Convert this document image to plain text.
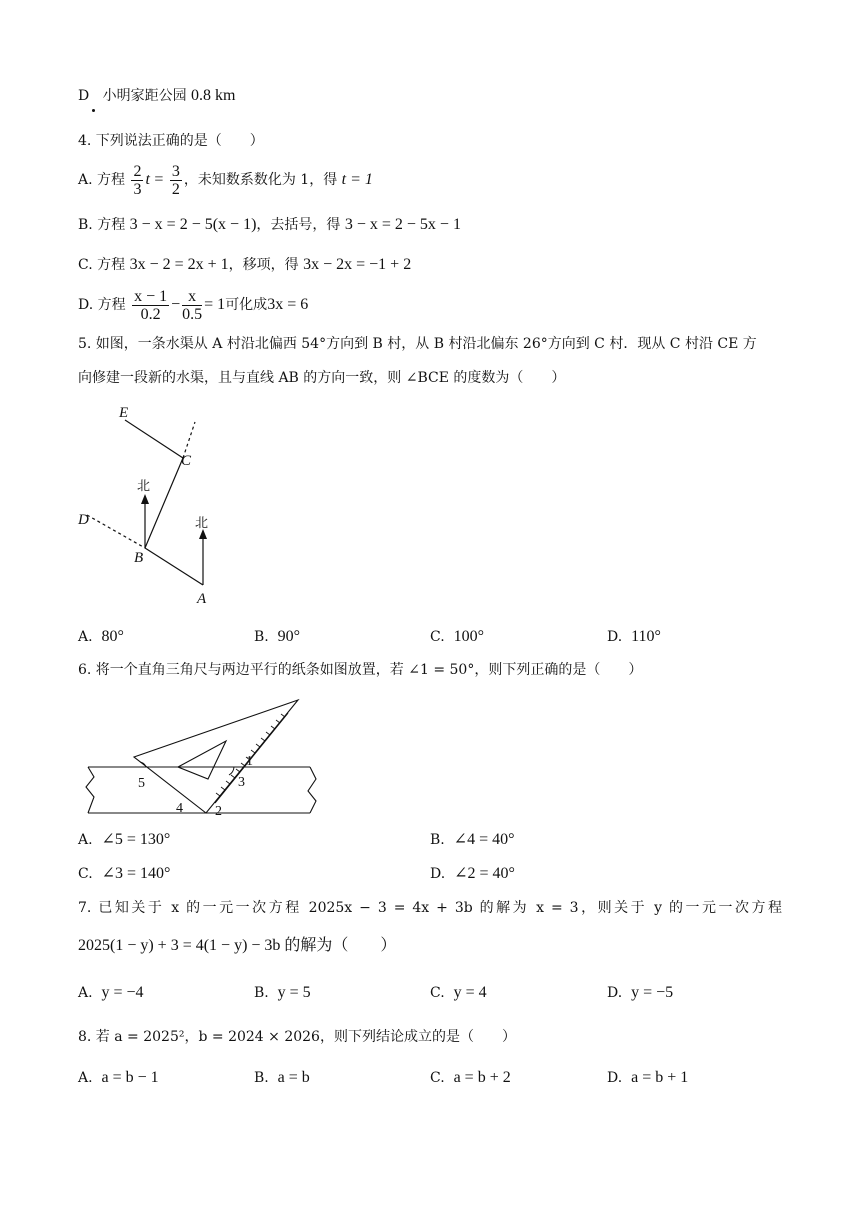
D 小明家距公园 0.8 km
4. 下列说法正确的是（　　）
A. 方程 $\frac{2}{3}$ $t = \frac{3}{2}$ ，未知数系数化为 1，得 t = 1
B. 方程 3 − x = 2 − 5(x − 1)，去括号，得 3 − x = 2 − 5x − 1
C. 方程 3x − 2 = 2x + 1，移项，得 3x − 2x = −1 + 2
D. 方程 $\frac{x - 1}{0.2} - \frac{x}{0.5} = 1$可化成3x = 6
5. 如图，一条水渠从 A 村沿北偏西 54°方向到 B 村，从 B 村沿北偏东 26°方向到 C 村．现从 C 村沿 CE 方
向修建一段新的水渠，且与直线 AB 的方向一致，则 ∠BCE 的度数为（　　）
E
C
D
B
A
北
北
A. 80°	B. 90°	C. 100°	D. 110°
6. 将一个直角三角尺与两边平行的纸条如图放置，若 ∠1 = 50°，则下列正确的是（　　）
1
2
3
4
5
A. ∠5 = 130°	B. ∠4 = 40°
C. ∠3 = 140°	D. ∠2 = 40°
7. 已知关于 x 的一元一次方程 2025x − 3 = 4x + 3b 的解为 x = 3，则关于 y 的一元一次方程
2025(1 − y) + 3 = 4(1 − y) − 3b 的解为（　　）
A. y = −4	B. y = 5	C. y = 4	D. y = −5
8. 若 a = 2025²，b = 2024 × 2026，则下列结论成立的是（　　）
A. a = b − 1	B. a = b	C. a = b + 2	D. a = b + 1
